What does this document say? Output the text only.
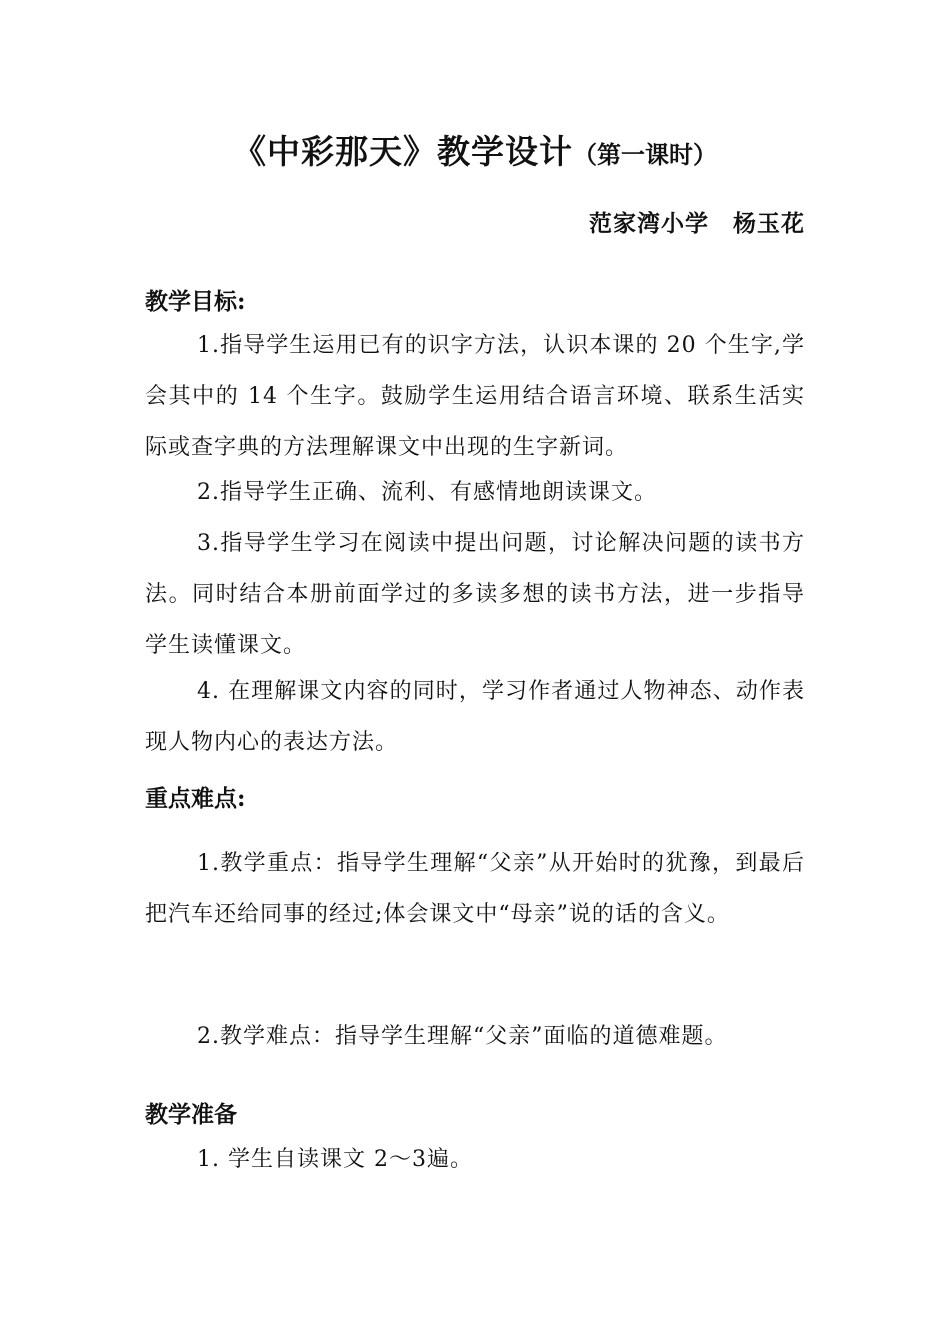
《中彩那天》教学设计（第一课时）
范家湾小学　杨玉花
教学目标:
1.指导学生运用已有的识字方法，认识本课的 20 个生字,学会其中的 14 个生字。鼓励学生运用结合语言环境、联系生活实际或查字典的方法理解课文中出现的生字新词。
2.指导学生正确、流利、有感情地朗读课文。
3.指导学生学习在阅读中提出问题，讨论解决问题的读书方法。同时结合本册前面学过的多读多想的读书方法，进一步指导学生读懂课文。
4. 在理解课文内容的同时，学习作者通过人物神态、动作表现人物内心的表达方法。
重点难点:
1.教学重点：指导学生理解“父亲”从开始时的犹豫，到最后把汽车还给同事的经过;体会课文中“母亲”说的话的含义。
2.教学难点：指导学生理解“父亲”面临的道德难题。
教学准备
1. 学生自读课文 2～3遍。
